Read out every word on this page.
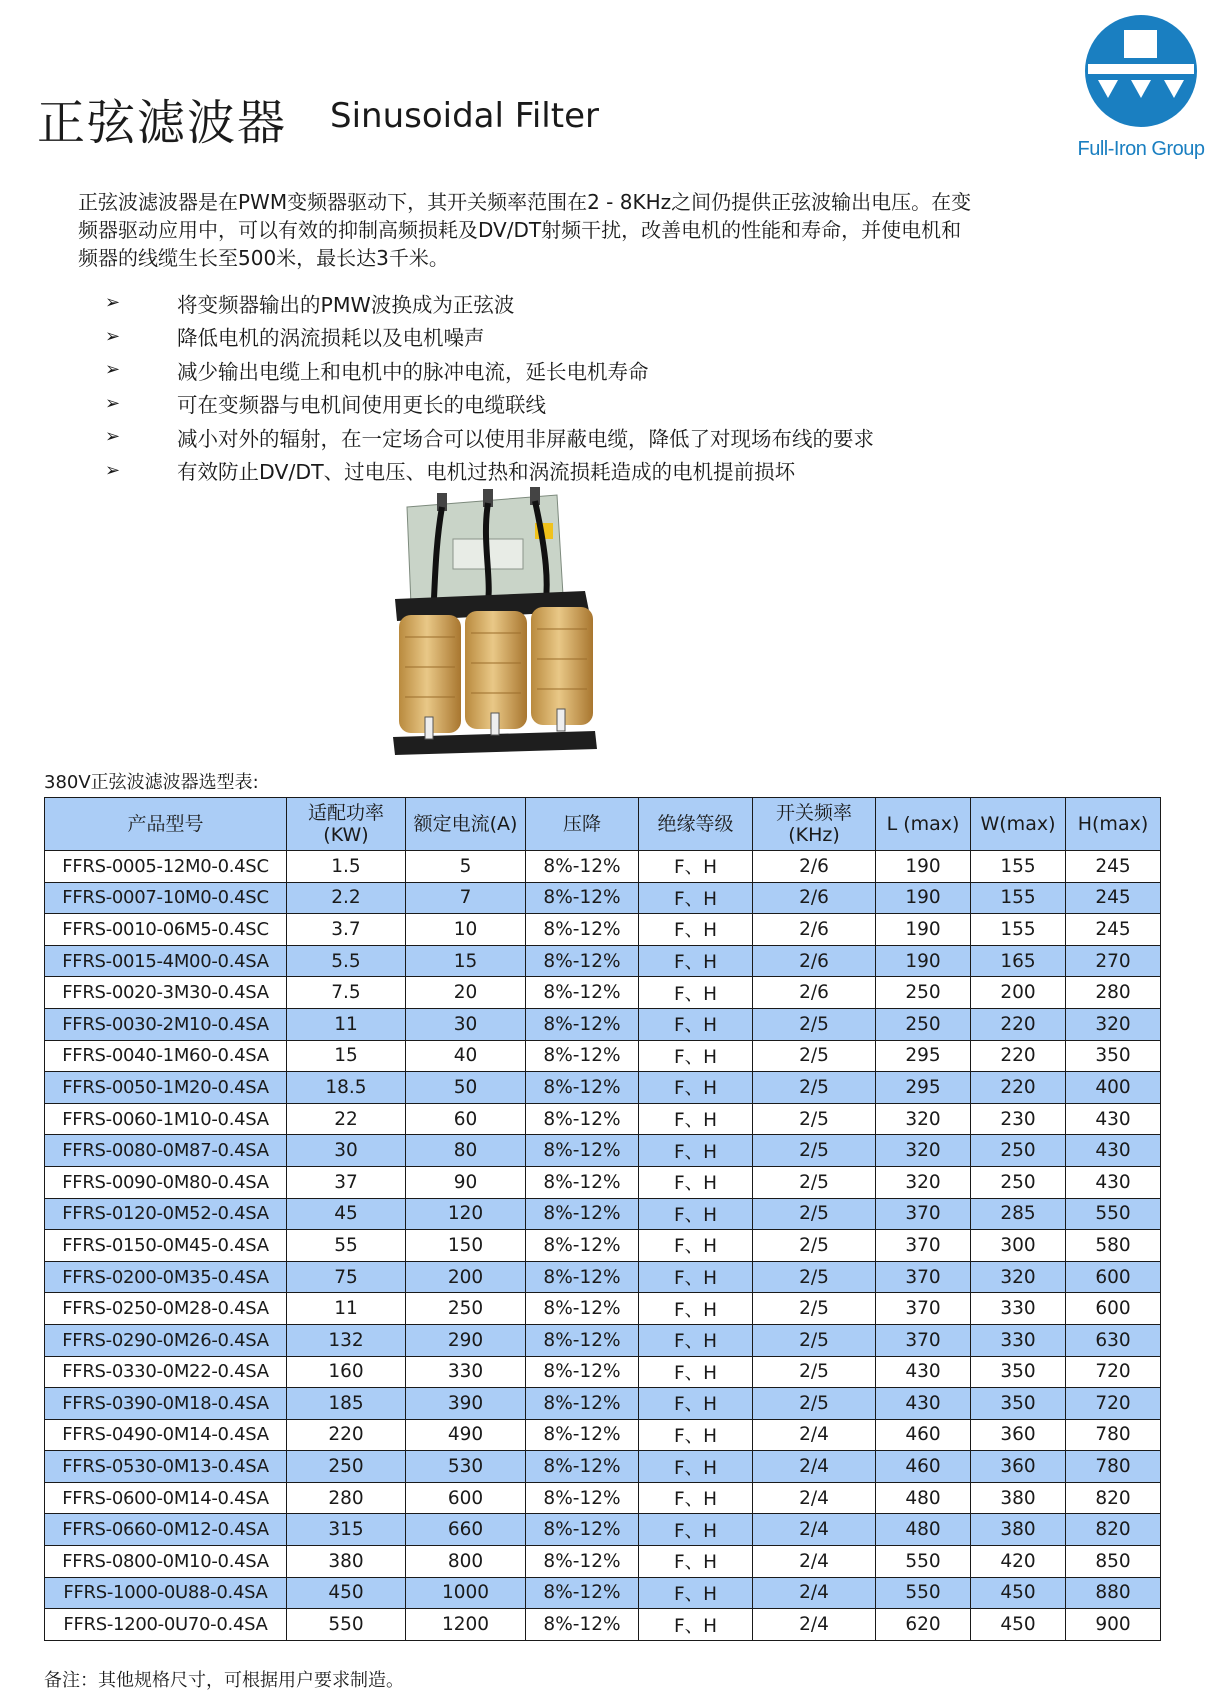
正弦滤波器 Sinusoidal Filter
Full-Iron Group

正弦波滤波器是在PWM变频器驱动下，其开关频率范围在2 - 8KHz之间仍提供正弦波输出电压。在变频器驱动应用中，可以有效的抑制高频损耗及DV/DT射频干扰，改善电机的性能和寿命，并使电机和频器的线缆生长至500米，最长达3千米。

➢	将变频器输出的PMW波换成为正弦波
➢	降低电机的涡流损耗以及电机噪声
➢	减少输出电缆上和电机中的脉冲电流，延长电机寿命
➢	可在变频器与电机间使用更长的电缆联线
➢	减小对外的辐射，在一定场合可以使用非屏蔽电缆，降低了对现场布线的要求
➢	有效防止DV/DT、过电压、电机过热和涡流损耗造成的电机提前损坏
380V正弦波滤波器选型表:
产品型号	适配功率(KW)	额定电流(A)	压降	绝缘等级	开关频率(KHz)	L (max)	W(max)	H(max)
FFRS-0005-12M0-0.4SC	1.5	5	8%-12%	F、H	2/6	190	155	245
FFRS-0007-10M0-0.4SC	2.2	7	8%-12%	F、H	2/6	190	155	245
FFRS-0010-06M5-0.4SC	3.7	10	8%-12%	F、H	2/6	190	155	245
FFRS-0015-4M00-0.4SA	5.5	15	8%-12%	F、H	2/6	190	165	270
FFRS-0020-3M30-0.4SA	7.5	20	8%-12%	F、H	2/6	250	200	280
FFRS-0030-2M10-0.4SA	11	30	8%-12%	F、H	2/5	250	220	320
FFRS-0040-1M60-0.4SA	15	40	8%-12%	F、H	2/5	295	220	350
FFRS-0050-1M20-0.4SA	18.5	50	8%-12%	F、H	2/5	295	220	400
FFRS-0060-1M10-0.4SA	22	60	8%-12%	F、H	2/5	320	230	430
FFRS-0080-0M87-0.4SA	30	80	8%-12%	F、H	2/5	320	250	430
FFRS-0090-0M80-0.4SA	37	90	8%-12%	F、H	2/5	320	250	430
FFRS-0120-0M52-0.4SA	45	120	8%-12%	F、H	2/5	370	285	550
FFRS-0150-0M45-0.4SA	55	150	8%-12%	F、H	2/5	370	300	580
FFRS-0200-0M35-0.4SA	75	200	8%-12%	F、H	2/5	370	320	600
FFRS-0250-0M28-0.4SA	11	250	8%-12%	F、H	2/5	370	330	600
FFRS-0290-0M26-0.4SA	132	290	8%-12%	F、H	2/5	370	330	630
FFRS-0330-0M22-0.4SA	160	330	8%-12%	F、H	2/5	430	350	720
FFRS-0390-0M18-0.4SA	185	390	8%-12%	F、H	2/5	430	350	720
FFRS-0490-0M14-0.4SA	220	490	8%-12%	F、H	2/4	460	360	780
FFRS-0530-0M13-0.4SA	250	530	8%-12%	F、H	2/4	460	360	780
FFRS-0600-0M14-0.4SA	280	600	8%-12%	F、H	2/4	480	380	820
FFRS-0660-0M12-0.4SA	315	660	8%-12%	F、H	2/4	480	380	820
FFRS-0800-0M10-0.4SA	380	800	8%-12%	F、H	2/4	550	420	850
FFRS-1000-0U88-0.4SA	450	1000	8%-12%	F、H	2/4	550	450	880
FFRS-1200-0U70-0.4SA	550	1200	8%-12%	F、H	2/4	620	450	900
备注：其他规格尺寸，可根据用户要求制造。
